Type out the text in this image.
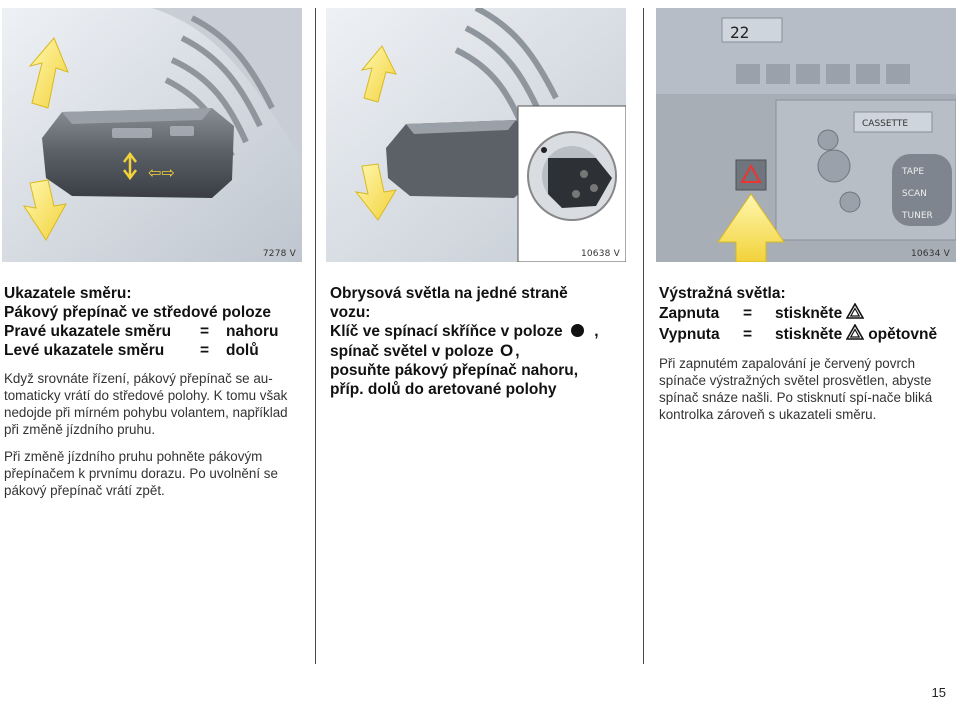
⇦⇨
7278 V	10638 V
22
CASSETTE
TAPE
SCAN
TUNER
10634 V
Ukazatele směru:
Pákový přepínač ve středové poloze
Pravé ukazatele směru	=	nahoru
Levé ukazatele směru	=	dolů

Když srovnáte řízení, pákový přepínač se au-tomaticky vrátí do středové polohy. K tomu však nedojde při mírném pohybu volantem, například při změně jízdního pruhu.

Při změně jízdního pruhu pohněte pákovým přepínačem k prvnímu dorazu. Po uvolnění se pákový přepínač vrátí zpět.

Obrysová světla na jedné straně
vozu:
Klíč ve spínací skříňce v poloze ,
spínač světel v poloze O ,
posuňte pákový přepínač nahoru,
příp. dolů do aretované polohy
Výstražná světla:
Zapnuta	=	stiskněte
Vypnuta	=	stiskněte opětovně

Při zapnutém zapalování je červený povrch spínače výstražných světel prosvětlen, abyste spínač snáze našli. Po stisknutí spí-nače bliká kontrolka zároveň s ukazateli směru.

15
